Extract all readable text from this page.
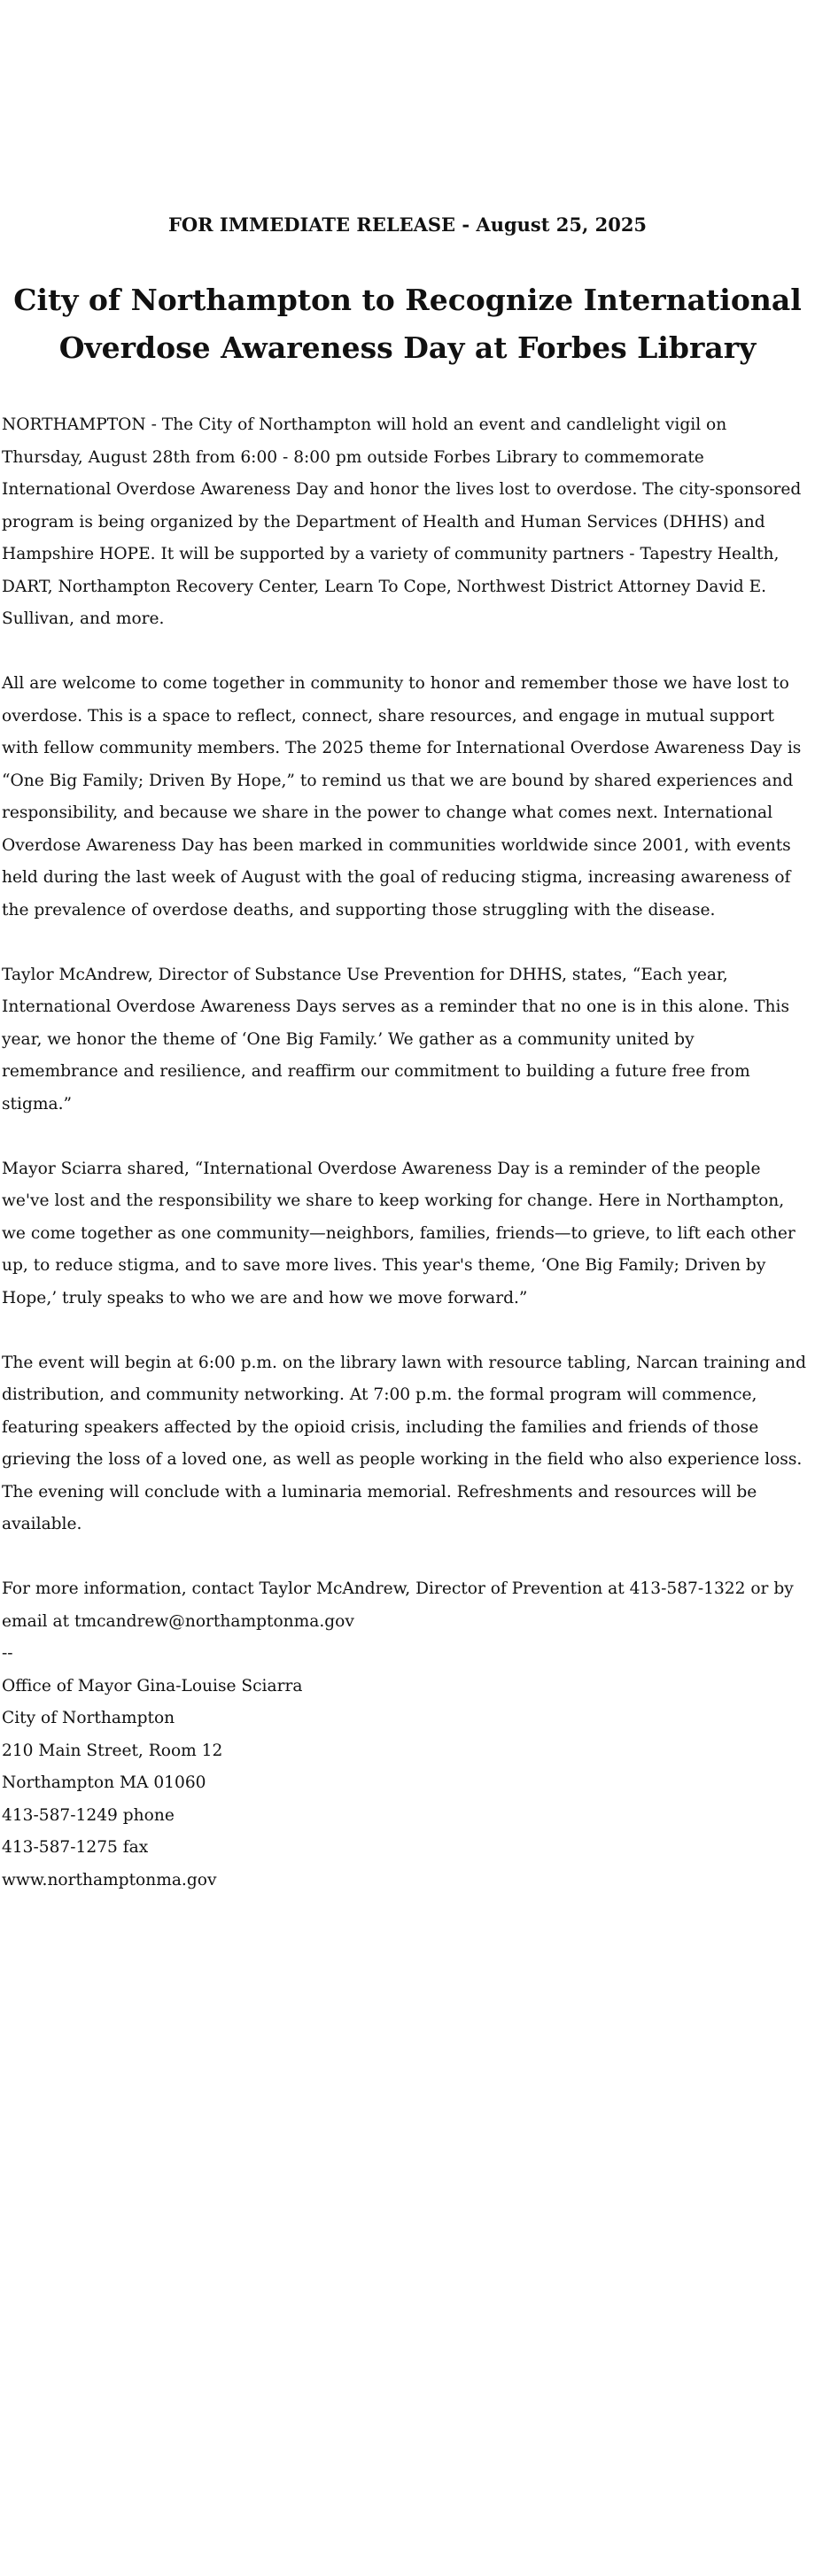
FOR IMMEDIATE RELEASE - August 25, 2025
City of Northampton to Recognize International
Overdose Awareness Day at Forbes Library

NORTHAMPTON - The City of Northampton will hold an event and candlelight vigil on Thursday, August 28th from 6:00 - 8:00 pm outside Forbes Library to commemorate International Overdose Awareness Day and honor the lives lost to overdose. The city-sponsored program is being organized by the Department of Health and Human Services (DHHS) and Hampshire HOPE. It will be supported by a variety of community partners - Tapestry Health, DART, Northampton Recovery Center, Learn To Cope, Northwest District Attorney David E. Sullivan, and more.

All are welcome to come together in community to honor and remember those we have lost to overdose. This is a space to reflect, connect, share resources, and engage in mutual support with fellow community members. The 2025 theme for International Overdose Awareness Day is “One Big Family; Driven By Hope,” to remind us that we are bound by shared experiences and responsibility, and because we share in the power to change what comes next. International Overdose Awareness Day has been marked in communities worldwide since 2001, with events held during the last week of August with the goal of reducing stigma, increasing awareness of the prevalence of overdose deaths, and supporting those struggling with the disease.

Taylor McAndrew, Director of Substance Use Prevention for DHHS, states, “Each year, International Overdose Awareness Days serves as a reminder that no one is in this alone. This year, we honor the theme of ‘One Big Family.’ We gather as a community united by remembrance and resilience, and reaffirm our commitment to building a future free from stigma.”

Mayor Sciarra shared, “International Overdose Awareness Day is a reminder of the people we've lost and the responsibility we share to keep working for change. Here in Northampton, we come together as one community—neighbors, families, friends—to grieve, to lift each other up, to reduce stigma, and to save more lives. This year's theme, ‘One Big Family; Driven by Hope,’ truly speaks to who we are and how we move forward.”

The event will begin at 6:00 p.m. on the library lawn with resource tabling, Narcan training and distribution, and community networking. At 7:00 p.m. the formal program will commence, featuring speakers affected by the opioid crisis, including the families and friends of those grieving the loss of a loved one, as well as people working in the field who also experience loss. The evening will conclude with a luminaria memorial. Refreshments and resources will be available.

For more information, contact Taylor McAndrew, Director of Prevention at 413-587-1322 or by email at tmcandrew@northamptonma.gov

--
Office of Mayor Gina-Louise Sciarra
City of Northampton
210 Main Street, Room 12
Northampton MA 01060
413-587-1249 phone
413-587-1275 fax
www.northamptonma.gov
